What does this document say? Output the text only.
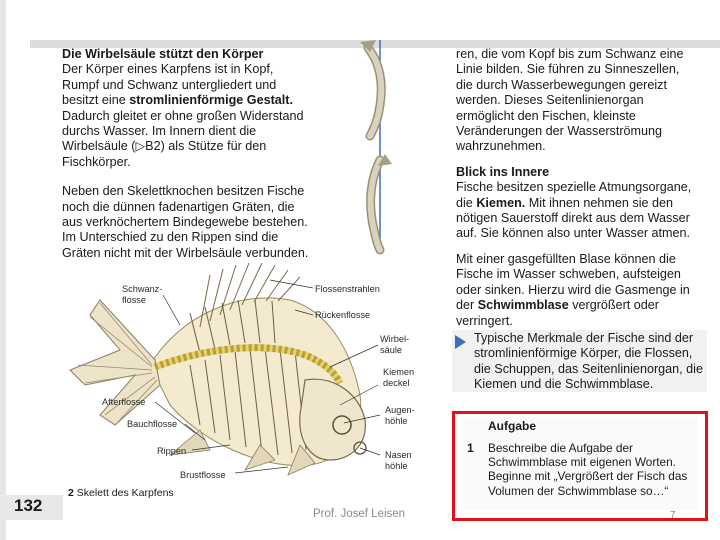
Die Wirbelsäule stützt den Körper

Der Körper eines Karpfens ist in Kopf, Rumpf und Schwanz untergliedert und besitzt eine stromlinienförmige Gestalt. Dadurch gleitet er ohne großen Widerstand durchs Wasser. Im Innern dient die Wirbelsäule (▷B2) als Stütze für den Fischkörper.

Neben den Skelettknochen besitzen Fische noch die dünnen fadenartigen Gräten, die aus verknöchertem Bindegewebe bestehen. Im Unterschied zu den Rippen sind die Gräten nicht mit der Wirbelsäule verbunden.

Schwanz-
flosse
Flossenstrahlen
Rückenflosse
Wirbel-
säule
Kiemen
deckel
Augen-
höhle
Nasen
höhle
Afterflosse
Bauchflosse
Rippen
Brustflosse

ren, die vom Kopf bis zum Schwanz eine Linie bilden. Sie führen zu Sinneszellen, die durch Wasserbewegungen gereizt werden. Dieses Seitenlinienorgan ermöglicht den Fischen, kleinste Veränderungen der Wasserströmung wahrzunehmen.

Blick ins Innere

Fische besitzen spezielle Atmungsorgane, die Kiemen. Mit ihnen nehmen sie den nötigen Sauerstoff direkt aus dem Wasser auf. Sie können also unter Wasser atmen.

Mit einer gasgefüllten Blase können die Fische im Wasser schweben, aufsteigen oder sinken. Hierzu wird die Gasmenge in der Schwimmblase vergrößert oder verringert.

Typische Merkmale der Fische sind der stromlinienförmige Körper, die Flossen, die Schuppen, das Seitenlinienorgan, die Kiemen und die Schwimmblase.
Aufgabe
1 Beschreibe die Aufgabe der Schwimmblase mit eigenen Worten. Beginne mit „Vergrößert der Fisch das Volumen der Schwimmblase so…“
132
2 Skelett des Karpfens
Prof. Josef Leisen	7
